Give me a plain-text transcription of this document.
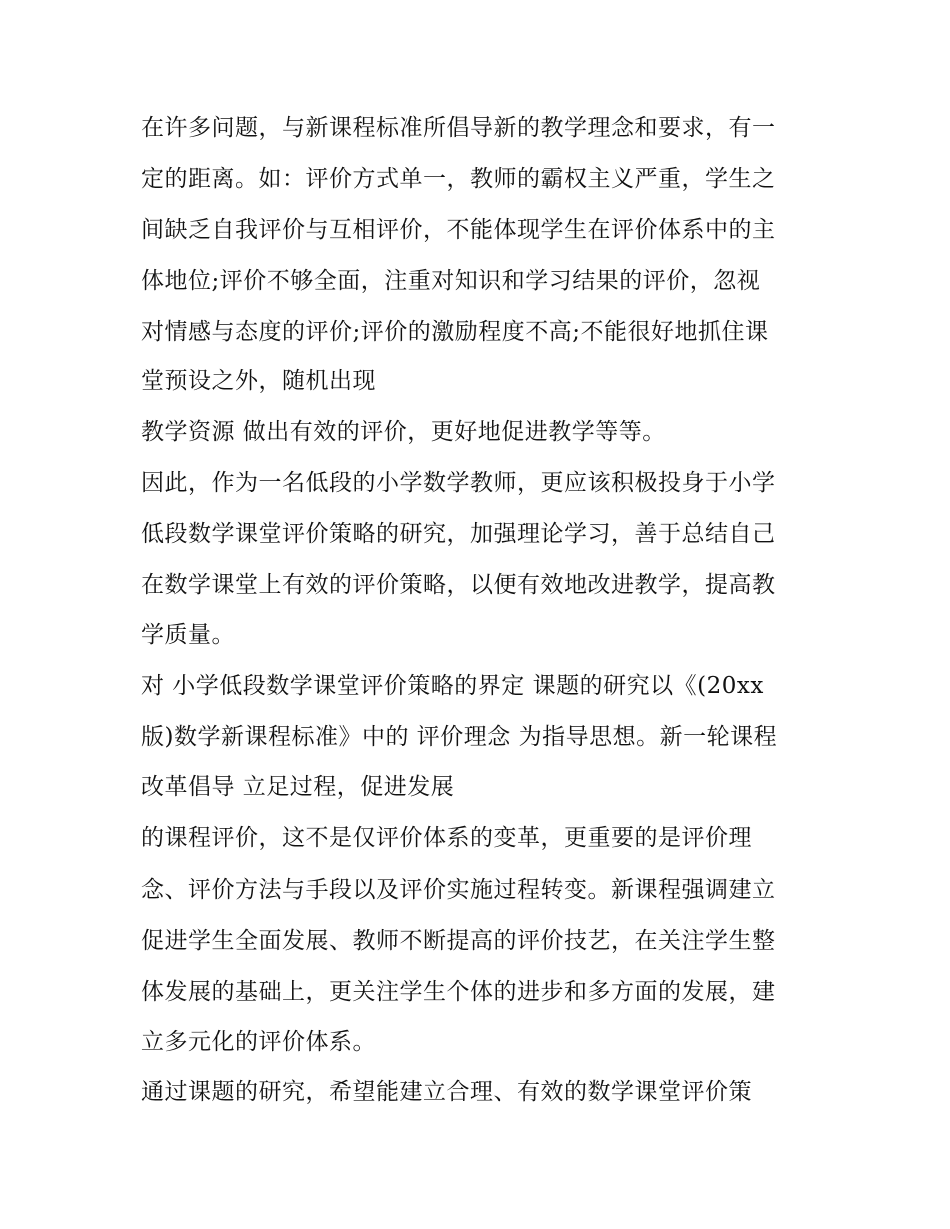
在许多问题，与新课程标准所倡导新的教学理念和要求，有一

定的距离。如：评价方式单一，教师的霸权主义严重，学生之

间缺乏自我评价与互相评价，不能体现学生在评价体系中的主

体地位;评价不够全面，注重对知识和学习结果的评价，忽视

对情感与态度的评价;评价的激励程度不高;不能很好地抓住课

堂预设之外，随机出现

教学资源 做出有效的评价，更好地促进教学等等。

因此，作为一名低段的小学数学教师，更应该积极投身于小学

低段数学课堂评价策略的研究，加强理论学习，善于总结自己

在数学课堂上有效的评价策略，以便有效地改进教学，提高教

学质量。

对 小学低段数学课堂评价策略的界定 课题的研究以《(20xx

版)数学新课程标准》中的 评价理念 为指导思想。新一轮课程

改革倡导 立足过程，促进发展

的课程评价，这不是仅评价体系的变革，更重要的是评价理

念、评价方法与手段以及评价实施过程转变。新课程强调建立

促进学生全面发展、教师不断提高的评价技艺，在关注学生整

体发展的基础上，更关注学生个体的进步和多方面的发展，建

立多元化的评价体系。

通过课题的研究，希望能建立合理、有效的数学课堂评价策
